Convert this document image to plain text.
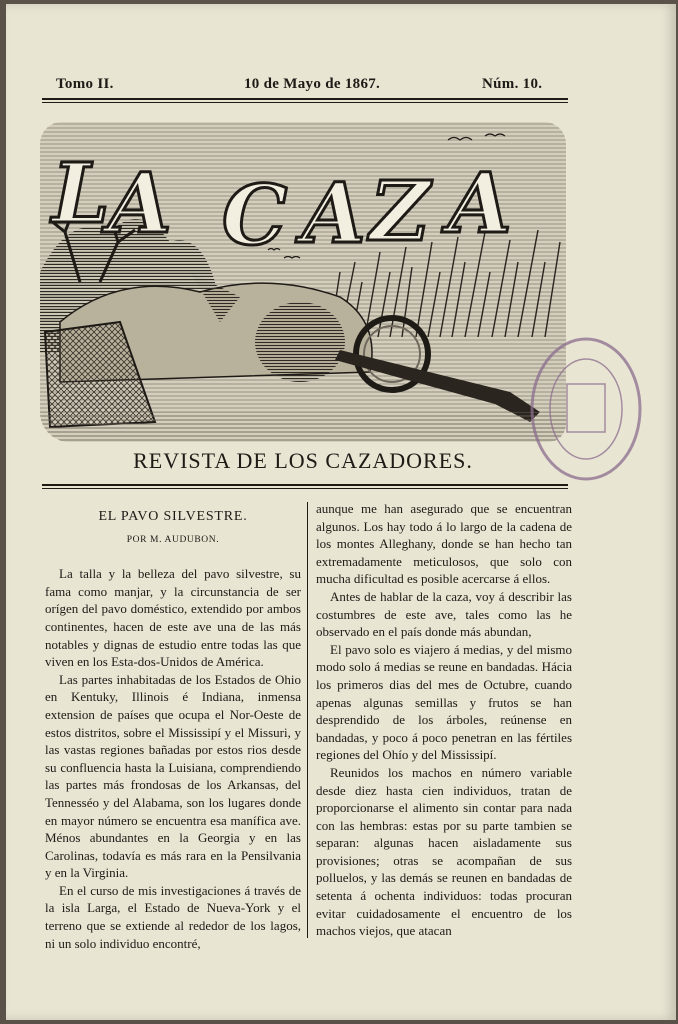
Tomo II.	10 de Mayo de 1867.	Núm. 10.
L
A C A Z A
REVISTA DE LOS CAZADORES.
EL PAVO SILVESTRE.
POR M. AUDUBON.

La talla y la belleza del pavo silvestre, su fama como manjar, y la circunstancia de ser orígen del pavo doméstico, extendido por ambos continentes, hacen de este ave una de las más notables y dignas de estudio entre todas las que viven en los Esta-dos-Unidos de América.

Las partes inhabitadas de los Estados de Ohio en Kentuky, Illinois é Indiana, inmensa extension de países que ocupa el Nor-Oeste de estos distritos, sobre el Mississipí y el Missuri, y las vastas regiones bañadas por estos rios desde su confluencia hasta la Luisiana, comprendiendo las partes más frondosas de los Arkansas, del Tennesséo y del Alabama, son los lugares donde en mayor número se encuentra esa manífica ave. Ménos abundantes en la Georgia y en las Carolinas, todavía es más rara en la Pensilvania y en la Virginia.

En el curso de mis investigaciones á través de la isla Larga, el Estado de Nueva-York y el terreno que se extiende al rededor de los lagos, ni un solo individuo encontré,

aunque me han asegurado que se encuentran algunos. Los hay todo á lo largo de la cadena de los montes Alleghany, donde se han hecho tan extremadamente meticulosos, que solo con mucha dificultad es posible acercarse á ellos.

Antes de hablar de la caza, voy á describir las costumbres de este ave, tales como las he observado en el país donde más abundan,

El pavo solo es viajero á medias, y del mismo modo solo á medias se reune en bandadas. Hácia los primeros dias del mes de Octubre, cuando apenas algunas semillas y frutos se han desprendido de los árboles, reúnense en bandadas, y poco á poco penetran en las fértiles regiones del Ohío y del Mississipí.

Reunidos los machos en número variable desde diez hasta cien individuos, tratan de proporcionarse el alimento sin contar para nada con las hembras: estas por su parte tambien se separan: algunas hacen aisladamente sus provisiones; otras se acompañan de sus polluelos, y las demás se reunen en bandadas de setenta á ochenta individuos: todas procuran evitar cuidadosamente el encuentro de los machos viejos, que atacan
